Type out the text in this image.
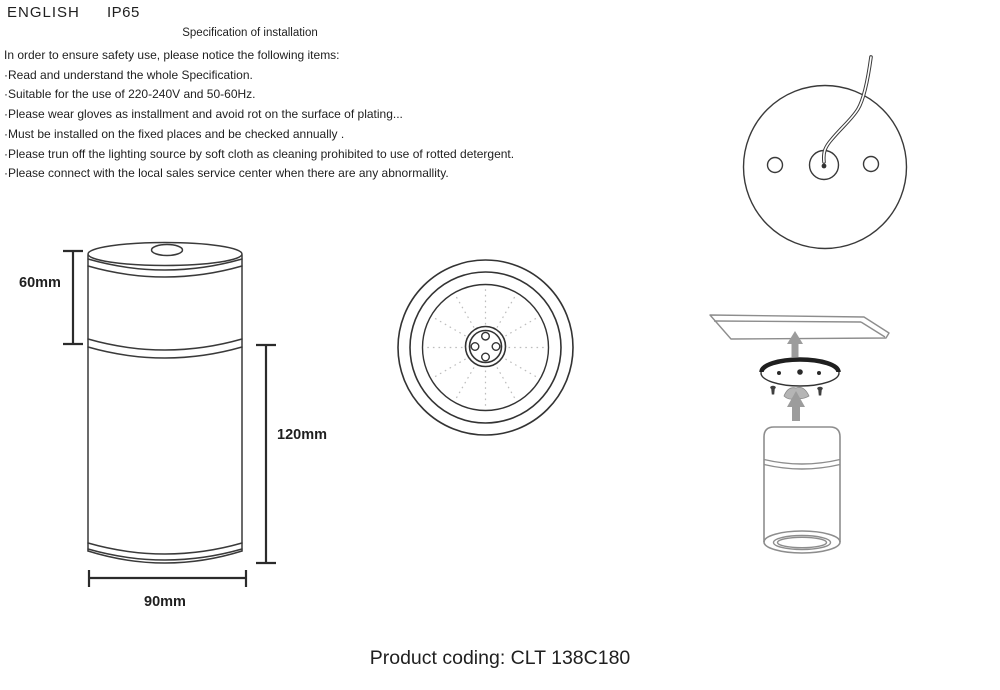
ENGLISH IP65
Specification of installation
In order to ensure safety use, please notice the following items:
·Read and understand the whole Specification.
·Suitable for the use of 220-240V and 50-60Hz.
·Please wear gloves as installment and avoid rot on the surface of plating...
·Must be installed on the fixed places and be checked annually .
·Please trun off the lighting source by soft cloth as cleaning prohibited to use of rotted detergent.
·Please connect with the local sales service center when there are any abnormallity.
60mm
120mm
90mm
Product coding: CLT 138C180
